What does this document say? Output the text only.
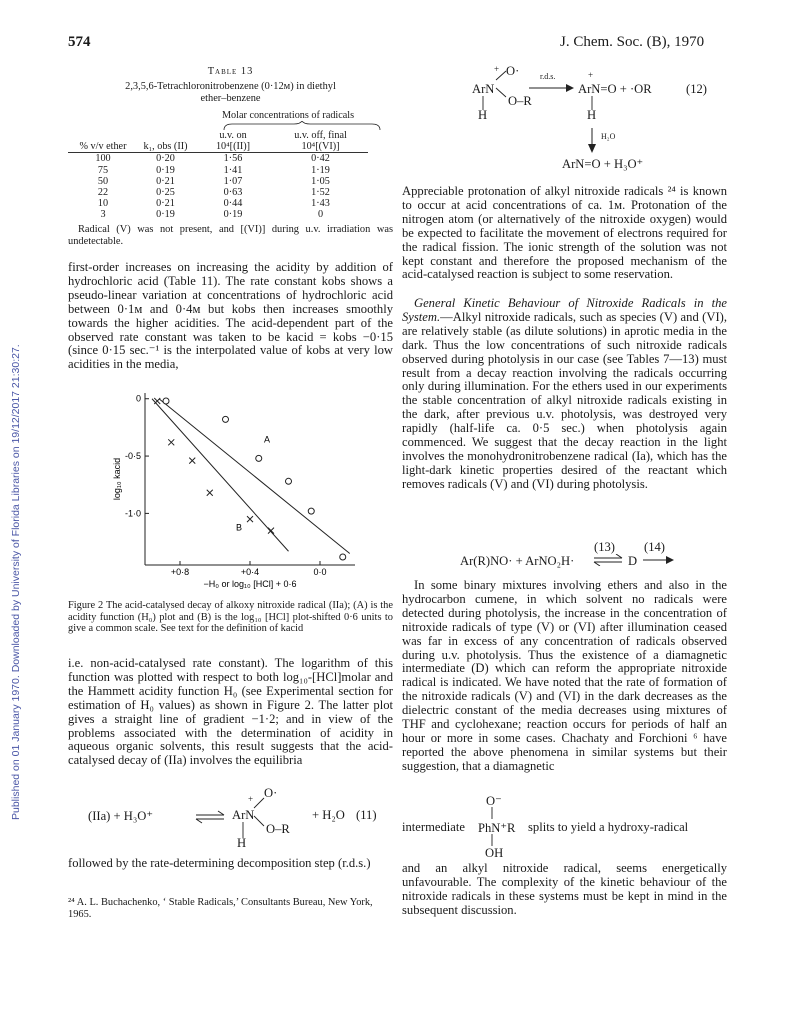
Published on 01 January 1970. Downloaded by University of Florida Libraries on 19/12/2017 21:30:27.
574	J. Chem. Soc. (B), 1970
Table 13
2,3,5,6-Tetrachloronitrobenzene (0·12м) in diethyl
ether–benzene
Molar concentrations of radicals
		u.v. on	u.v. off, final
% v/v ether	k₁, obs (II)	10⁴[(II)]	10⁴[(VI)]
100	0·20	1·56	0·42
75	0·19	1·41	1·19
50	0·21	1·07	1·05
22	0·25	0·63	1·52
10	0·21	0·44	1·43
3	0·19	0·19	0
Radical (V) was not present, and [(VI)] during u.v. irradiation was undetectable.

first-order increases on increasing the acidity by addition of hydrochloric acid (Table 11). The rate constant kobs shows a pseudo-linear variation at concentrations of hydrochloric acid between 0·1м and 0·4м but kobs then increases smoothly towards the higher acidities. The acid-dependent part of the observed rate constant was taken to be kacid = kobs −0·15 (since 0·15 sec.⁻¹ is the interpolated value of kobs at very low acidities in the media,

0
-0·5
-1·0
+0·8	+0·4	0·0
−H₀ or log₁₀ [HCl] + 0·6
log₁₀ kacid
A
B
Figure 2 The acid-catalysed decay of alkoxy nitroxide radical (IIa); (A) is the acidity function (H₀) plot and (B) is the log₁₀ [HCl] plot-shifted 0·6 units to give a common scale. See text for the definition of kacid

i.e. non-acid-catalysed rate constant). The logarithm of this function was plotted with respect to both log₁₀-[HCl]molar and the Hammett acidity function H₀ (see Experimental section for estimation of H₀ values) as shown in Figure 2. The latter plot gives a straight line of gradient −1·2; and in view of the problems associated with the determination of acidity in aqueous organic solvents, this result suggests that the acid-catalysed decay of (IIa) involves the equilibria

(IIa) + H₃O⁺
+ O·
ArN
O–R
H
+ H₂O (11)

followed by the rate-determining decomposition step (r.d.s.)

²⁴ A. L. Buchachenko, ‘ Stable Radicals,’ Consultants Bureau, New York, 1965.
+ O·
ArN
O–R
H
r.d.s.	+
ArN=O + ·OR
H
(12)
H₂O
ArN=O + H₃O⁺

Appreciable protonation of alkyl nitroxide radicals ²⁴ is known to occur at acid concentrations of ca. 1м. Protonation of the nitrogen atom (or alternatively of the nitroxide oxygen) would be expected to facilitate the movement of electrons required for the radical fission. The ionic strength of the solution was not kept constant and therefore the proposed mechanism of the acid-catalysed reaction is subject to some reservation.

General Kinetic Behaviour of Nitroxide Radicals in the System.—Alkyl nitroxide radicals, such as species (V) and (VI), are relatively stable (as dilute solutions) in aprotic media in the dark. Thus the low concentrations of such nitroxide radicals observed during photolysis in our case (see Tables 7—13) must result from a decay reaction involving the radicals occurring only during illumination. For the ethers used in our experiments the stable concentration of alkyl nitroxide radicals existing in the dark, after previous u.v. photolysis, was destroyed very rapidly (half-life ca. 0·5 sec.) when photolysis again commenced. We suggest that the decay reaction in the light involves the monohydronitrobenzene radical (Ia), which has the light-dark kinetic properties desired of the reactant which removes radicals (V) and (VI) during photolysis.

Ar(R)NO· + ArNO₂H·
(13)
⇌ D
(14)

In some binary mixtures involving ethers and also in the hydrocarbon cumene, in which solvent no radicals were detected during photolysis, the increase in the concentration of nitroxide radicals of type (V) or (VI) after illumination ceased was far in excess of any concentration of radicals observed during u.v. photolysis. Thus the existence of a diamagnetic intermediate (D) which can reform the appropriate nitroxide radical is indicated. We have noted that the rate of formation of the nitroxide radicals (V) and (VI) in the dark decreases as the dielectric constant of the media decreases using mixtures of THF and cyclohexane; reaction occurs for periods of half an hour or more in some cases. Chachaty and Forchioni ⁶ have reported the above phenomena in similar systems but their suggestion, that a diamagnetic

O⁻
intermediate PhN⁺R splits to yield a hydroxy-radical
OH

and an alkyl nitroxide radical, seems energetically unfavourable. The complexity of the kinetic behaviour of the nitroxide radicals in these systems must be kept in mind in the subsequent discussion.
